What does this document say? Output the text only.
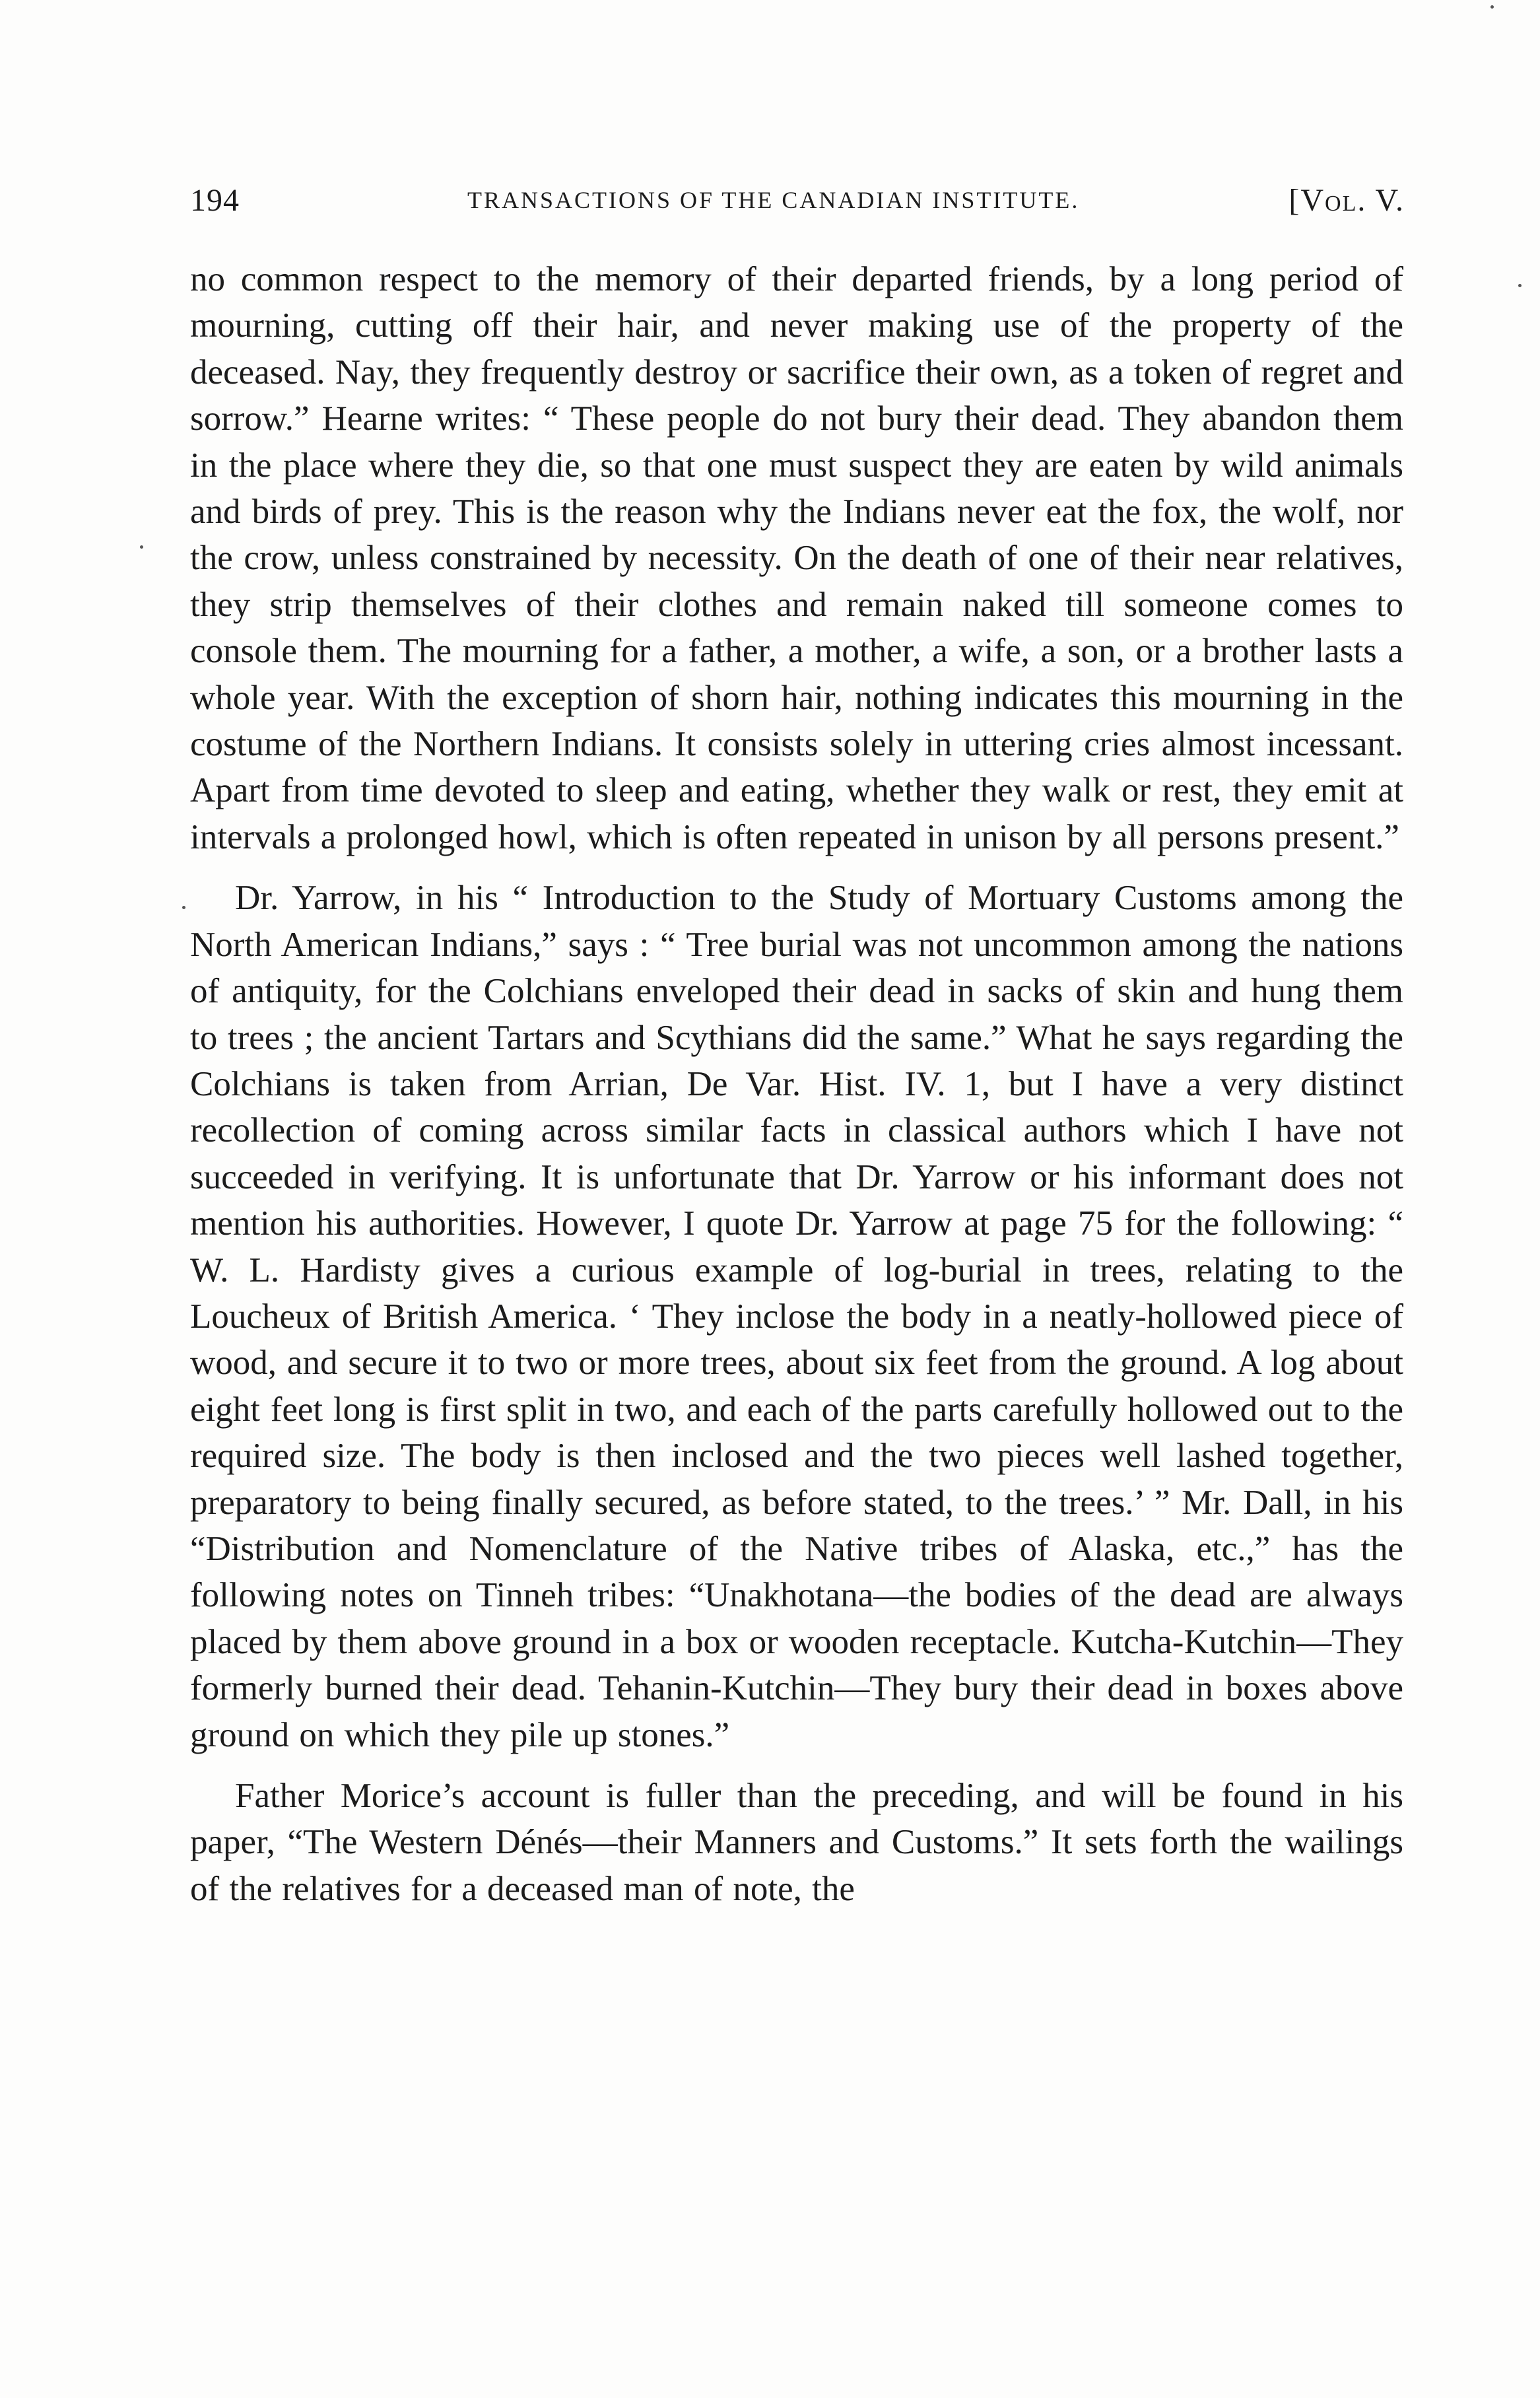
194	TRANSACTIONS OF THE CANADIAN INSTITUTE.	[Vol. V.

no common respect to the memory of their departed friends, by a long period of mourning, cutting off their hair, and never making use of the property of the deceased. Nay, they frequently destroy or sacrifice their own, as a token of regret and sorrow.” Hearne writes: “ These people do not bury their dead. They abandon them in the place where they die, so that one must suspect they are eaten by wild animals and birds of prey. This is the reason why the Indians never eat the fox, the wolf, nor the crow, unless constrained by necessity. On the death of one of their near relatives, they strip themselves of their clothes and remain naked till someone comes to console them. The mourning for a father, a mother, a wife, a son, or a brother lasts a whole year. With the exception of shorn hair, nothing indicates this mourning in the costume of the Northern Indians. It consists solely in uttering cries almost incessant. Apart from time devoted to sleep and eating, whether they walk or rest, they emit at intervals a prolonged howl, which is often repeated in unison by all persons present.”

Dr. Yarrow, in his “ Introduction to the Study of Mortuary Customs among the North American Indians,” says : “ Tree burial was not uncommon among the nations of antiquity, for the Colchians enveloped their dead in sacks of skin and hung them to trees ; the ancient Tartars and Scythians did the same.” What he says regarding the Colchians is taken from Arrian, De Var. Hist. IV. 1, but I have a very distinct recollection of coming across similar facts in classical authors which I have not succeeded in verifying. It is unfortunate that Dr. Yarrow or his informant does not mention his authorities. However, I quote Dr. Yarrow at page 75 for the following: “ W. L. Hardisty gives a curious example of log-burial in trees, relating to the Loucheux of British America. ‘ They inclose the body in a neatly-hollowed piece of wood, and secure it to two or more trees, about six feet from the ground. A log about eight feet long is first split in two, and each of the parts carefully hollowed out to the required size. The body is then inclosed and the two pieces well lashed together, preparatory to being finally secured, as before stated, to the trees.’ ” Mr. Dall, in his “Distribution and Nomenclature of the Native tribes of Alaska, etc.,” has the following notes on Tinneh tribes: “Unakhotana—the bodies of the dead are always placed by them above ground in a box or wooden receptacle. Kutcha-Kutchin—They formerly burned their dead. Tehanin-Kutchin—They bury their dead in boxes above ground on which they pile up stones.”

Father Morice’s account is fuller than the preceding, and will be found in his paper, “The Western Dénés—their Manners and Customs.” It sets forth the wailings of the relatives for a deceased man of note, the
